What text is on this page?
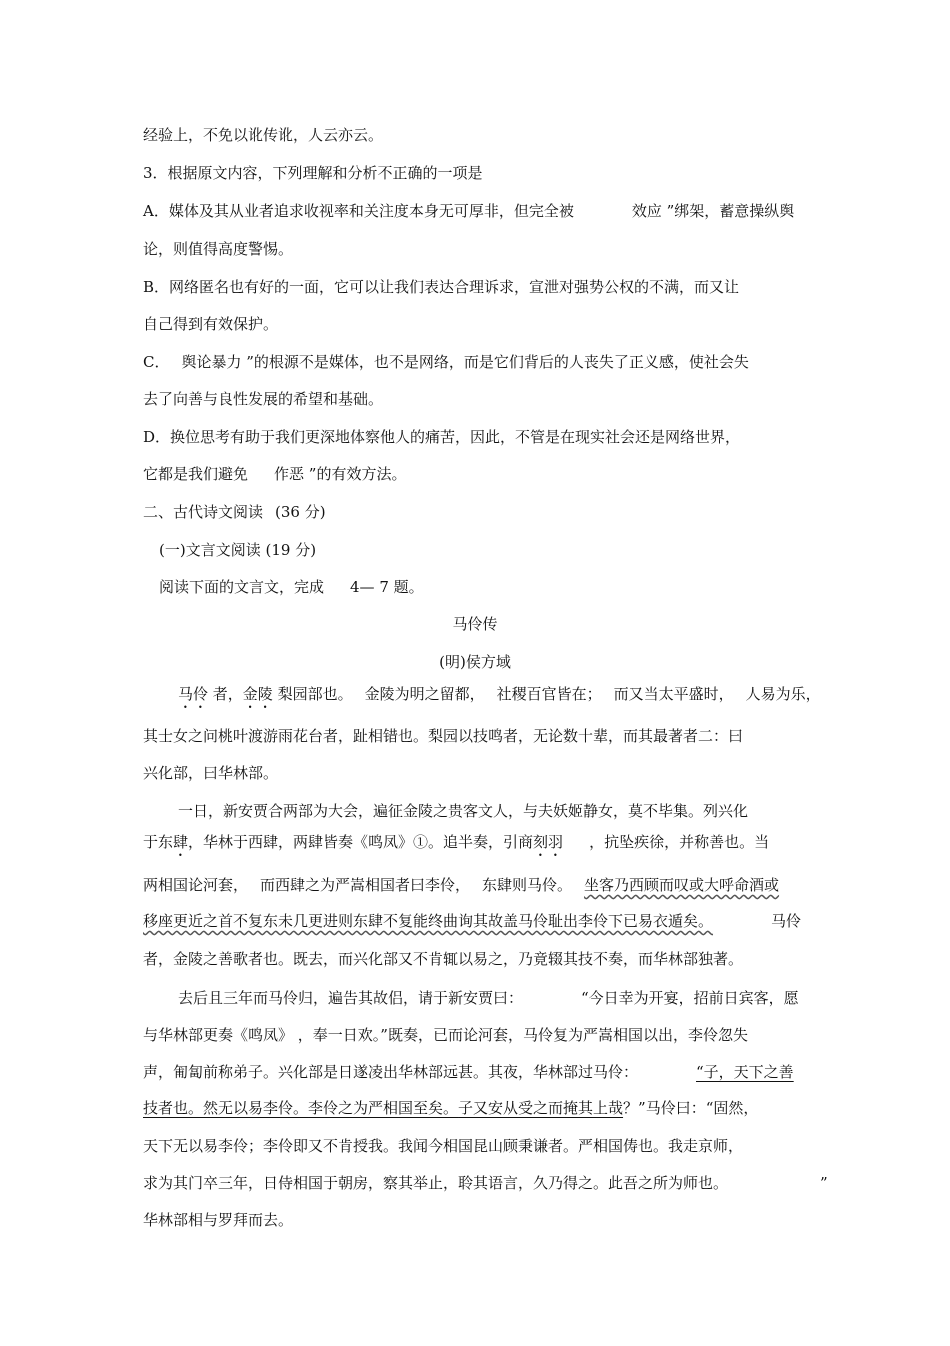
经验上，不免以讹传讹，人云亦云。

3．根据原文内容，下列理解和分析不正确的一项是

A．媒体及其从业者追求收视率和关注度本身无可厚非，但完全被	效应 ”绑架，蓄意操纵舆

论，则值得高度警惕。

B．网络匿名也有好的一面，它可以让我们表达合理诉求，宣泄对强势公权的不满，而又让

自己得到有效保护。

C． 舆论暴力 ”的根源不是媒体，也不是网络，而是它们背后的人丧失了正义感，使社会失

去了向善与良性发展的希望和基础。

D．换位思考有助于我们更深地体察他人的痛苦，因此，不管是在现实社会还是网络世界，

它都是我们避免 作恶 ”的有效方法。

二、古代诗文阅读 (36 分)

(一)文言文阅读 (19 分)

阅读下面的文言文，完成 4— 7 题。

马伶传

(明)侯方域

马伶 者，金陵 梨园部也。 金陵为明之留都， 社稷百官皆在； 而又当太平盛时， 人易为乐，

其士女之问桃叶渡游雨花台者，趾相错也。梨园以技鸣者，无论数十辈，而其最著者二：曰

兴化部，曰华林部。

一日，新安贾合两部为大会，遍征金陵之贵客文人，与夫妖姬静女，莫不毕集。列兴化

于东肆，华林于西肆，两肆皆奏《鸣凤》①。追半奏，引商刻羽 ，抗坠疾徐，并称善也。当

两相国论河套， 而西肆之为严嵩相国者曰李伶， 东肆则马伶。 坐客乃西顾而叹或大呼命酒或

移座更近之首不复东未几更进则东肆不复能终曲询其故盖马伶耻出李伶下已易衣遁矣。	马伶

者，金陵之善歌者也。既去，而兴化部又不肯辄以易之，乃竟辍其技不奏，而华林部独著。

去后且三年而马伶归，遍告其故侣，请于新安贾曰：	“今日幸为开宴，招前日宾客，愿

与华林部更奏《鸣凤》 ，奉一日欢。”既奏，已而论河套，马伶复为严嵩相国以出，李伶忽失

声，匍匐前称弟子。兴化部是日遂凌出华林部远甚。其夜，华林部过马伶：	“子，天下之善

技者也。然无以易李伶。李伶之为严相国至矣。子又安从受之而掩其上哉？”马伶曰：“固然，

天下无以易李伶；李伶即又不肯授我。我闻今相国昆山顾秉谦者。严相国俦也。我走京师，

求为其门卒三年，日侍相国于朝房，察其举止，聆其语言，久乃得之。此吾之所为师也。	”

华林部相与罗拜而去。
